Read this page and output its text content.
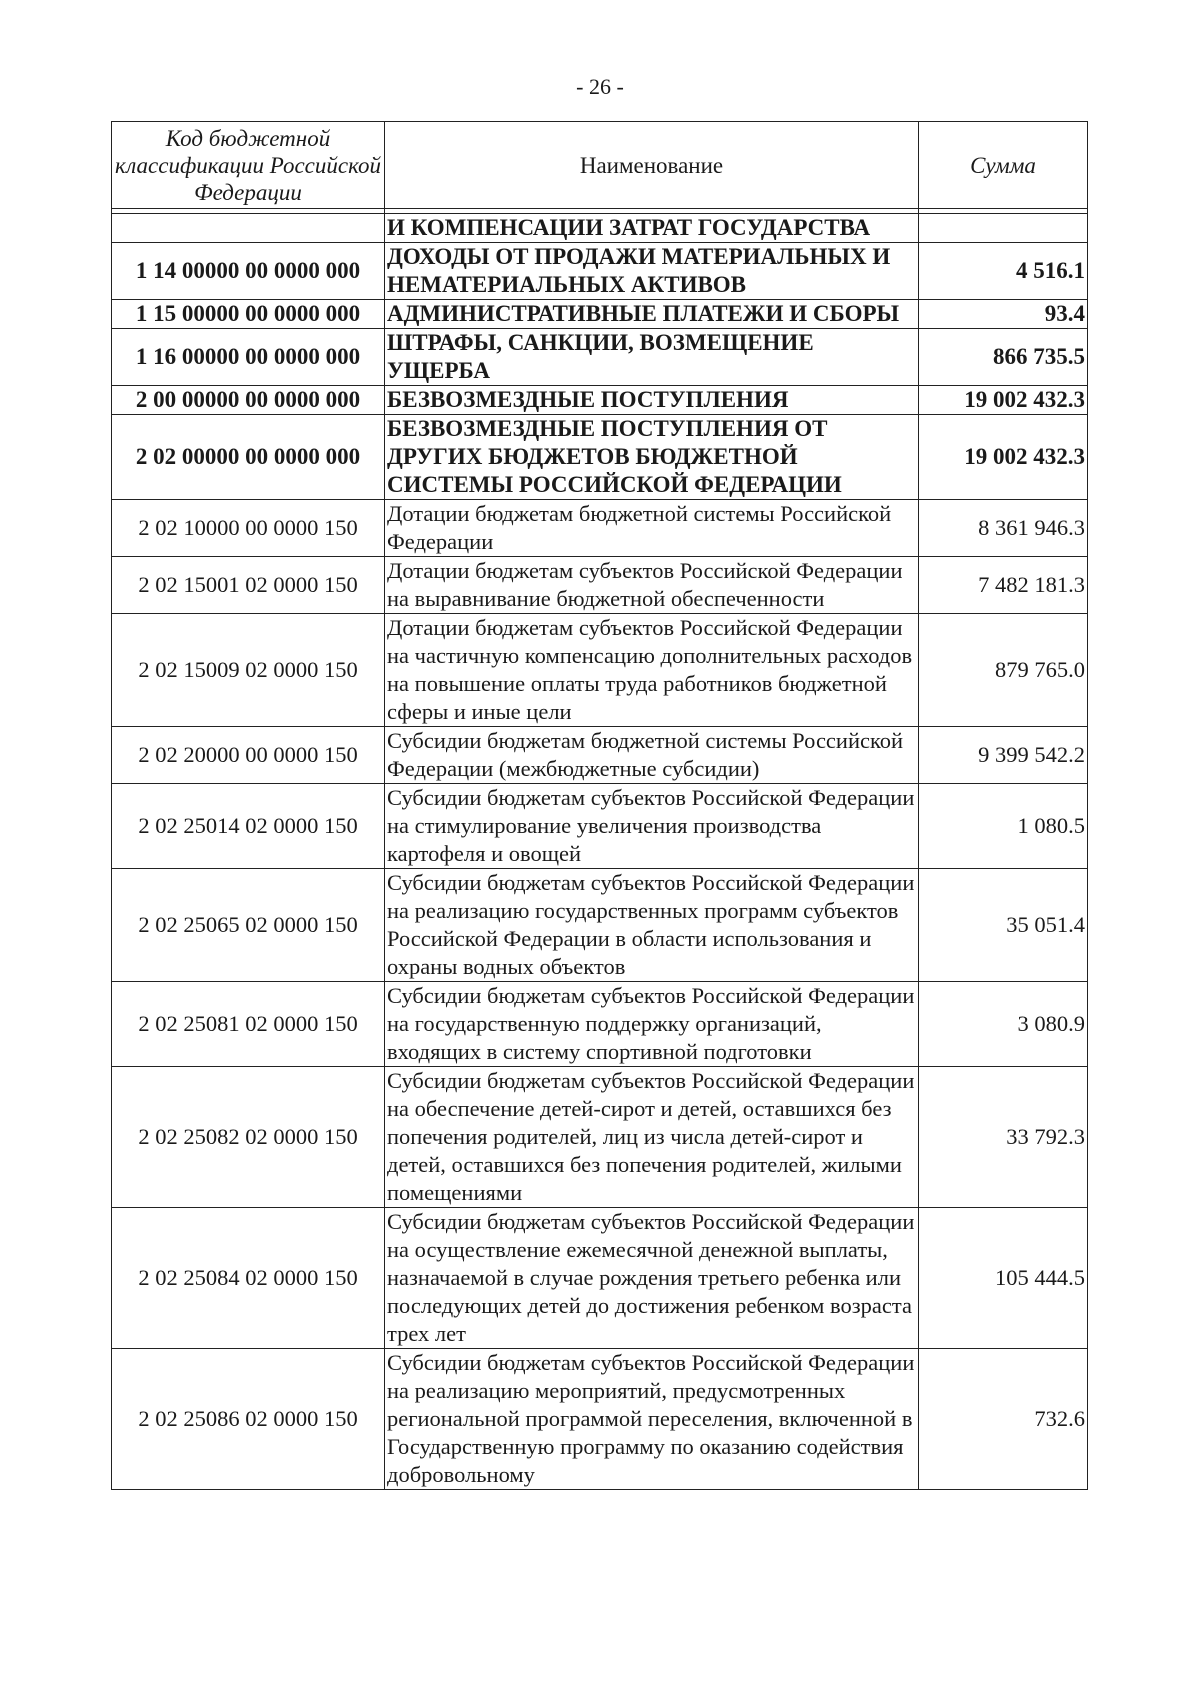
- 26 -
Код бюджетной классификации Российской Федерации	Наименование	Сумма

	И КОМПЕНСАЦИИ ЗАТРАТ ГОСУДАРСТВА	
1 14 00000 00 0000 000	ДОХОДЫ ОТ ПРОДАЖИ МАТЕРИАЛЬНЫХ И НЕМАТЕРИАЛЬНЫХ АКТИВОВ	4 516.1
1 15 00000 00 0000 000	АДМИНИСТРАТИВНЫЕ ПЛАТЕЖИ И СБОРЫ	93.4
1 16 00000 00 0000 000	ШТРАФЫ, САНКЦИИ, ВОЗМЕЩЕНИЕ УЩЕРБА	866 735.5
2 00 00000 00 0000 000	БЕЗВОЗМЕЗДНЫЕ ПОСТУПЛЕНИЯ	19 002 432.3
2 02 00000 00 0000 000	БЕЗВОЗМЕЗДНЫЕ ПОСТУПЛЕНИЯ ОТ ДРУГИХ БЮДЖЕТОВ БЮДЖЕТНОЙ СИСТЕМЫ РОССИЙСКОЙ ФЕДЕРАЦИИ	19 002 432.3
2 02 10000 00 0000 150	Дотации бюджетам бюджетной системы Российской Федерации	8 361 946.3
2 02 15001 02 0000 150	Дотации бюджетам субъектов Российской Федерации на выравнивание бюджетной обеспеченности	7 482 181.3
2 02 15009 02 0000 150	Дотации бюджетам субъектов Российской Федерации на частичную компенсацию дополнительных расходов на повышение оплаты труда работников бюджетной сферы и иные цели	879 765.0
2 02 20000 00 0000 150	Субсидии бюджетам бюджетной системы Российской Федерации (межбюджетные субсидии)	9 399 542.2
2 02 25014 02 0000 150	Субсидии бюджетам субъектов Российской Федерации на стимулирование увеличения производства картофеля и овощей	1 080.5
2 02 25065 02 0000 150	Субсидии бюджетам субъектов Российской Федерации на реализацию государственных программ субъектов Российской Федерации в области использования и охраны водных объектов	35 051.4
2 02 25081 02 0000 150	Субсидии бюджетам субъектов Российской Федерации на государственную поддержку организаций, входящих в систему спортивной подготовки	3 080.9
2 02 25082 02 0000 150	Субсидии бюджетам субъектов Российской Федерации на обеспечение детей-сирот и детей, оставшихся без попечения родителей, лиц из числа детей-сирот и детей, оставшихся без попечения родителей, жилыми помещениями	33 792.3
2 02 25084 02 0000 150	Субсидии бюджетам субъектов Российской Федерации на осуществление ежемесячной денежной выплаты, назначаемой в случае рождения третьего ребенка или последующих детей до достижения ребенком возраста трех лет	105 444.5
2 02 25086 02 0000 150	Субсидии бюджетам субъектов Российской Федерации на реализацию мероприятий, предусмотренных региональной программой переселения, включенной в Государственную программу по оказанию содействия добровольному	732.6
